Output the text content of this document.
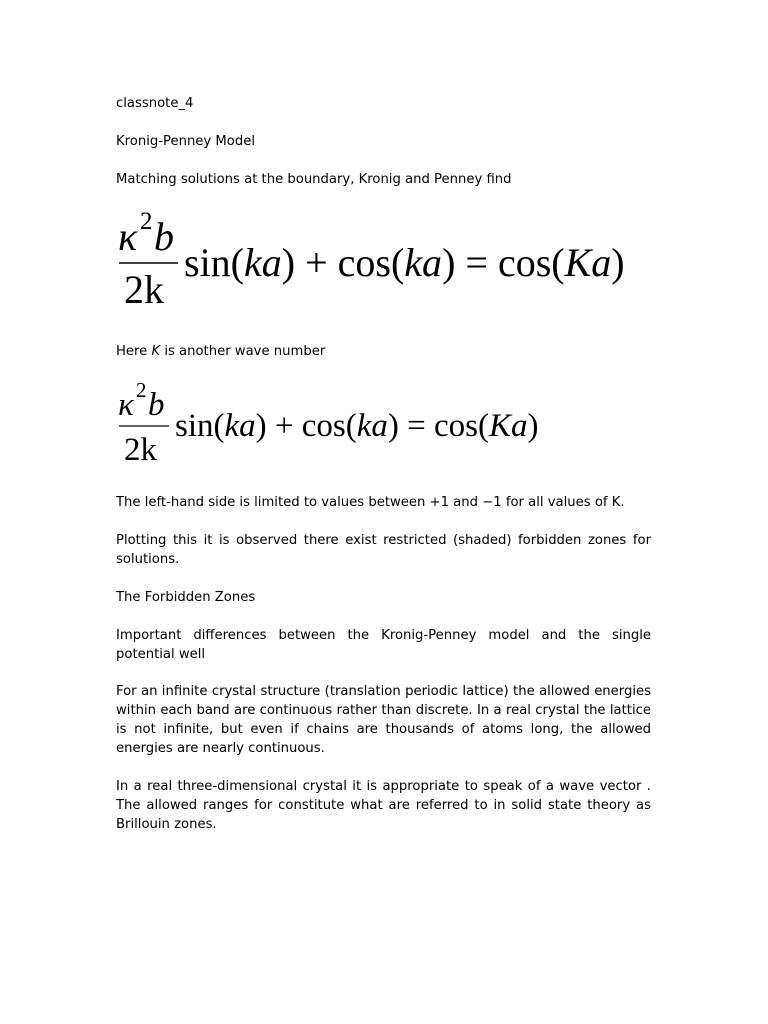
classnote_4

Kronig-Penney Model

Matching solutions at the boundary, Kronig and Penney find

κ 2 b
2k
sin(ka) + cos(ka) = cos(Ka)

Here K is another wave number

κ 2 b
2k
sin(ka) + cos(ka) = cos(Ka)

The left-hand side is limited to values between +1 and −1 for all values of K.

Plotting this it is observed there exist restricted (shaded) forbidden zones for solutions.

The Forbidden Zones

Important differences between the Kronig-Penney model and the single potential well

For an infinite crystal structure (translation periodic lattice) the allowed energies within each band are continuous rather than discrete. In a real crystal the lattice is not infinite, but even if chains are thousands of atoms long, the allowed energies are nearly continuous.

In a real three-dimensional crystal it is appropriate to speak of a wave vector . The allowed ranges for constitute what are referred to in solid state theory as Brillouin zones.
